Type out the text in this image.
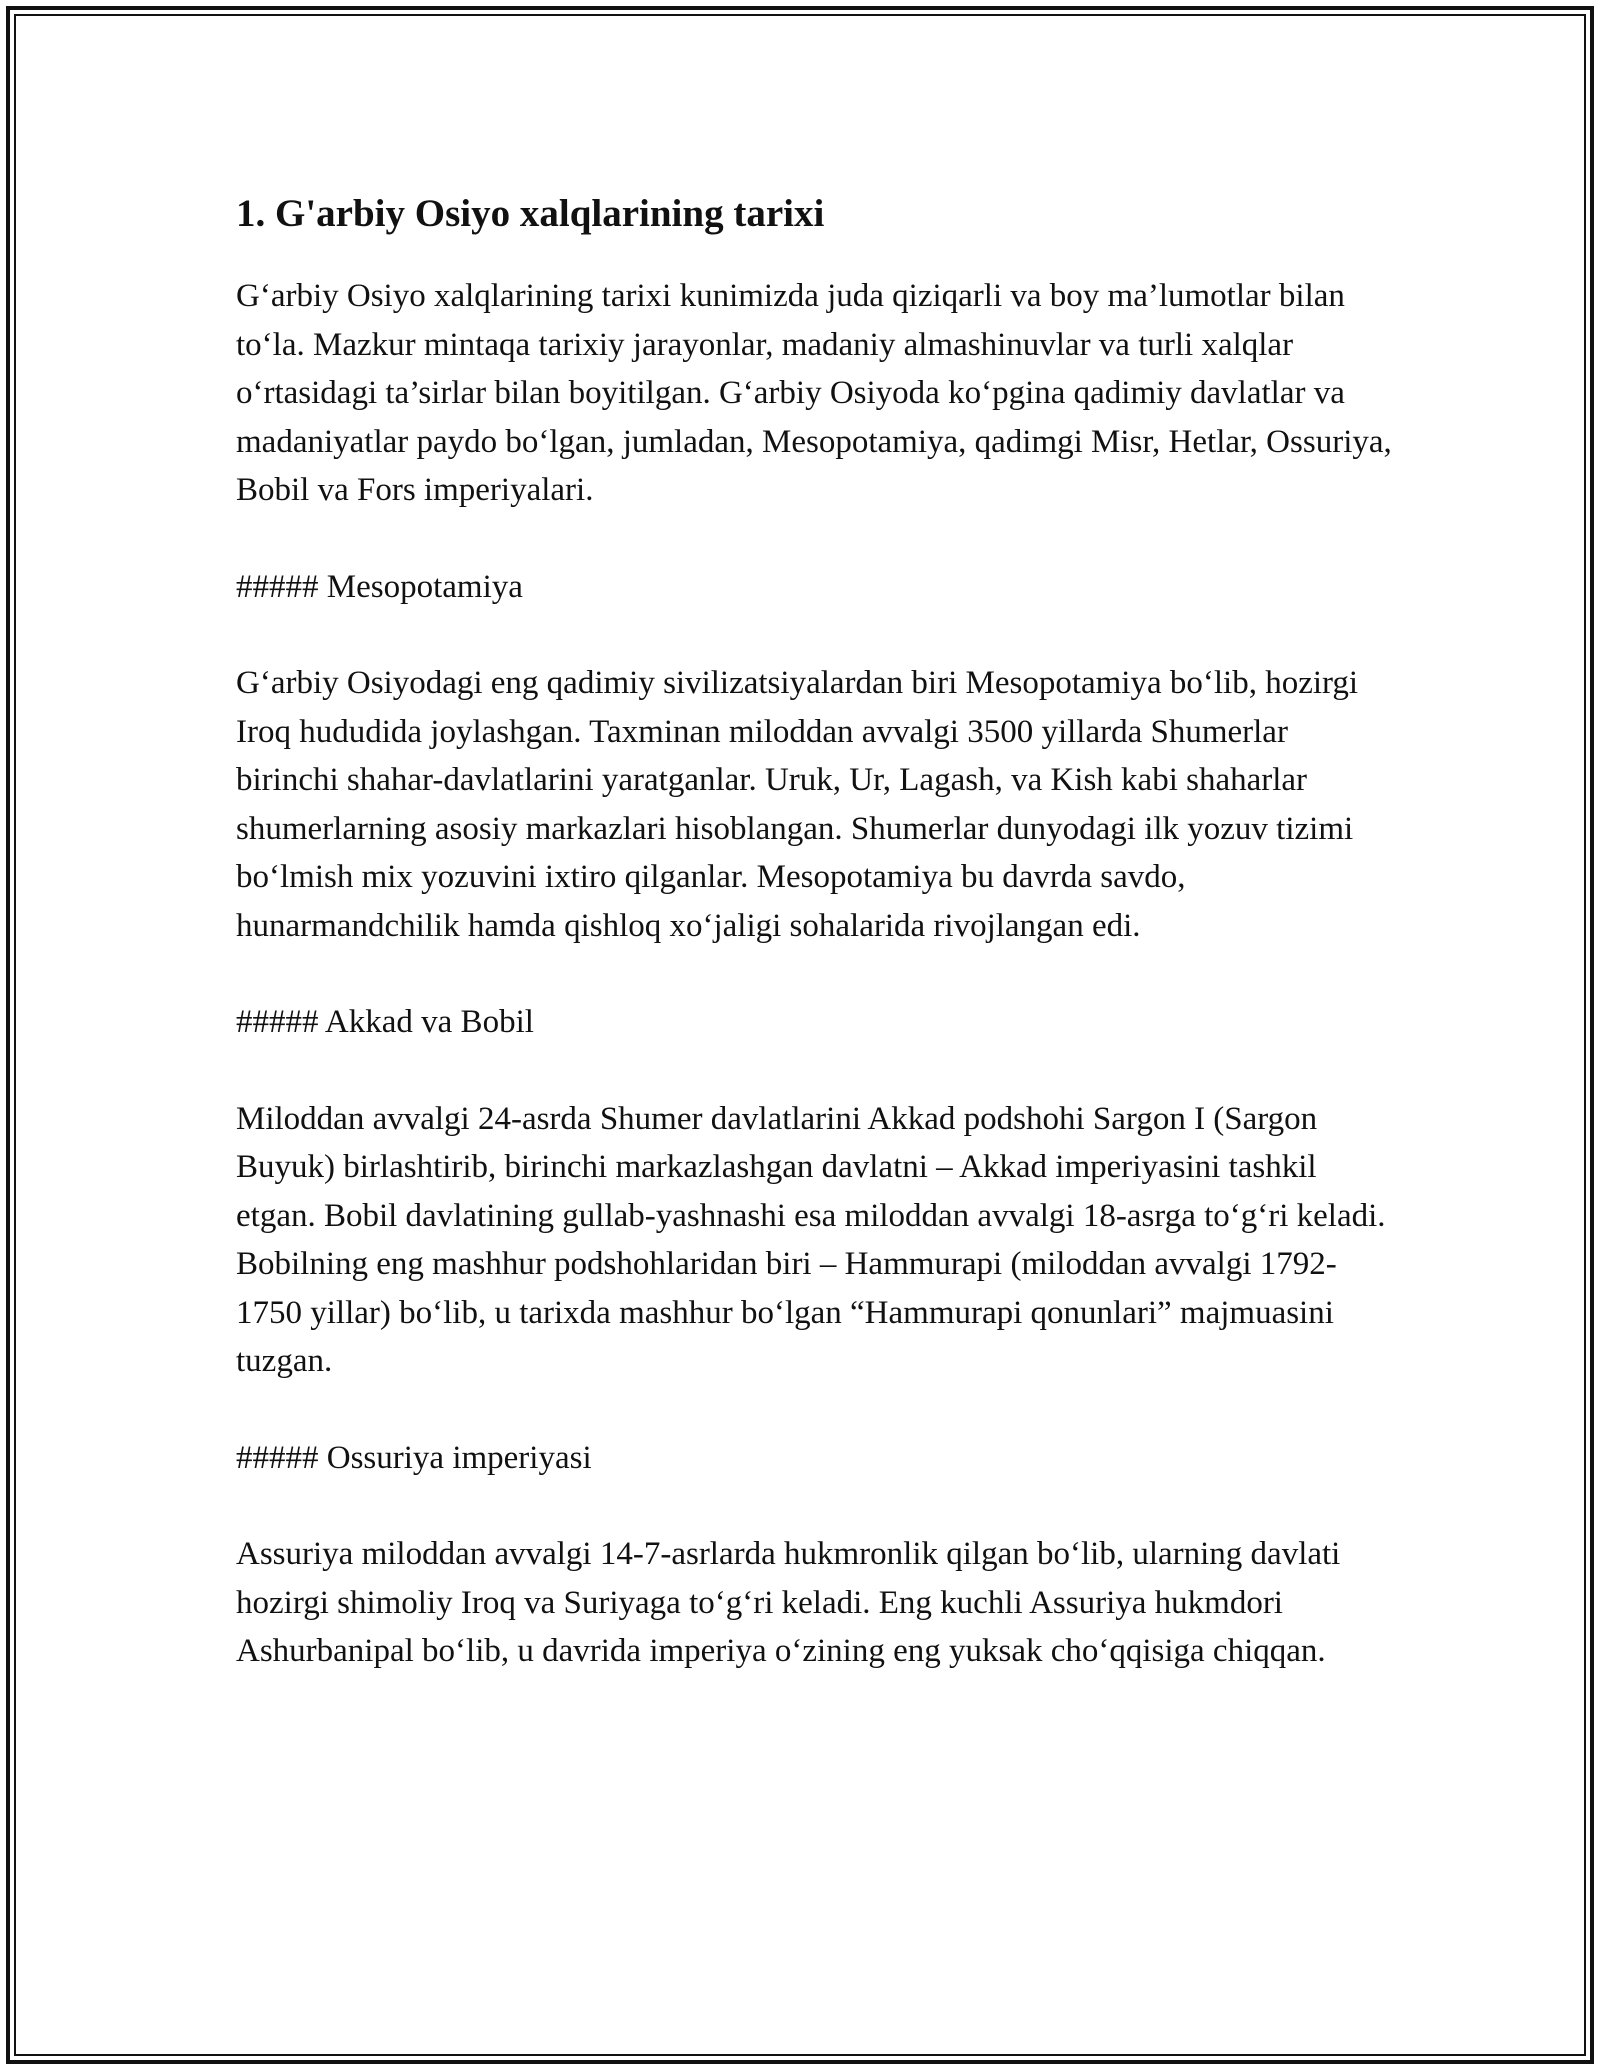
1. G'arbiy Osiyo xalqlarining tarixi

G‘arbiy Osiyo xalqlarining tarixi kunimizda juda qiziqarli va boy ma’lumotlar bilan to‘la. Mazkur mintaqa tarixiy jarayonlar, madaniy almashinuvlar va turli xalqlar o‘rtasidagi ta’sirlar bilan boyitilgan. G‘arbiy Osiyoda ko‘pgina qadimiy davlatlar va madaniyatlar paydo bo‘lgan, jumladan, Mesopotamiya, qadimgi Misr, Hetlar, Ossuriya, Bobil va Fors imperiyalari.

##### Mesopotamiya

G‘arbiy Osiyodagi eng qadimiy sivilizatsiyalardan biri Mesopotamiya bo‘lib, hozirgi Iroq hududida joylashgan. Taxminan miloddan avvalgi 3500 yillarda Shumerlar birinchi shahar-davlatlarini yaratganlar. Uruk, Ur, Lagash, va Kish kabi shaharlar shumerlarning asosiy markazlari hisoblangan. Shumerlar dunyodagi ilk yozuv tizimi bo‘lmish mix yozuvini ixtiro qilganlar. Mesopotamiya bu davrda savdo, hunarmandchilik hamda qishloq xo‘jaligi sohalarida rivojlangan edi.

##### Akkad va Bobil

Miloddan avvalgi 24-asrda Shumer davlatlarini Akkad podshohi Sargon I (Sargon Buyuk) birlashtirib, birinchi markazlashgan davlatni – Akkad imperiyasini tashkil etgan. Bobil davlatining gullab-yashnashi esa miloddan avvalgi 18-asrga to‘g‘ri keladi. Bobilning eng mashhur podshohlaridan biri – Hammurapi (miloddan avvalgi 1792-1750 yillar) bo‘lib, u tarixda mashhur bo‘lgan “Hammurapi qonunlari” majmuasini tuzgan.

##### Ossuriya imperiyasi

Assuriya miloddan avvalgi 14-7-asrlarda hukmronlik qilgan bo‘lib, ularning davlati hozirgi shimoliy Iroq va Suriyaga to‘g‘ri keladi. Eng kuchli Assuriya hukmdori Ashurbanipal bo‘lib, u davrida imperiya o‘zining eng yuksak cho‘qqisiga chiqqan.
